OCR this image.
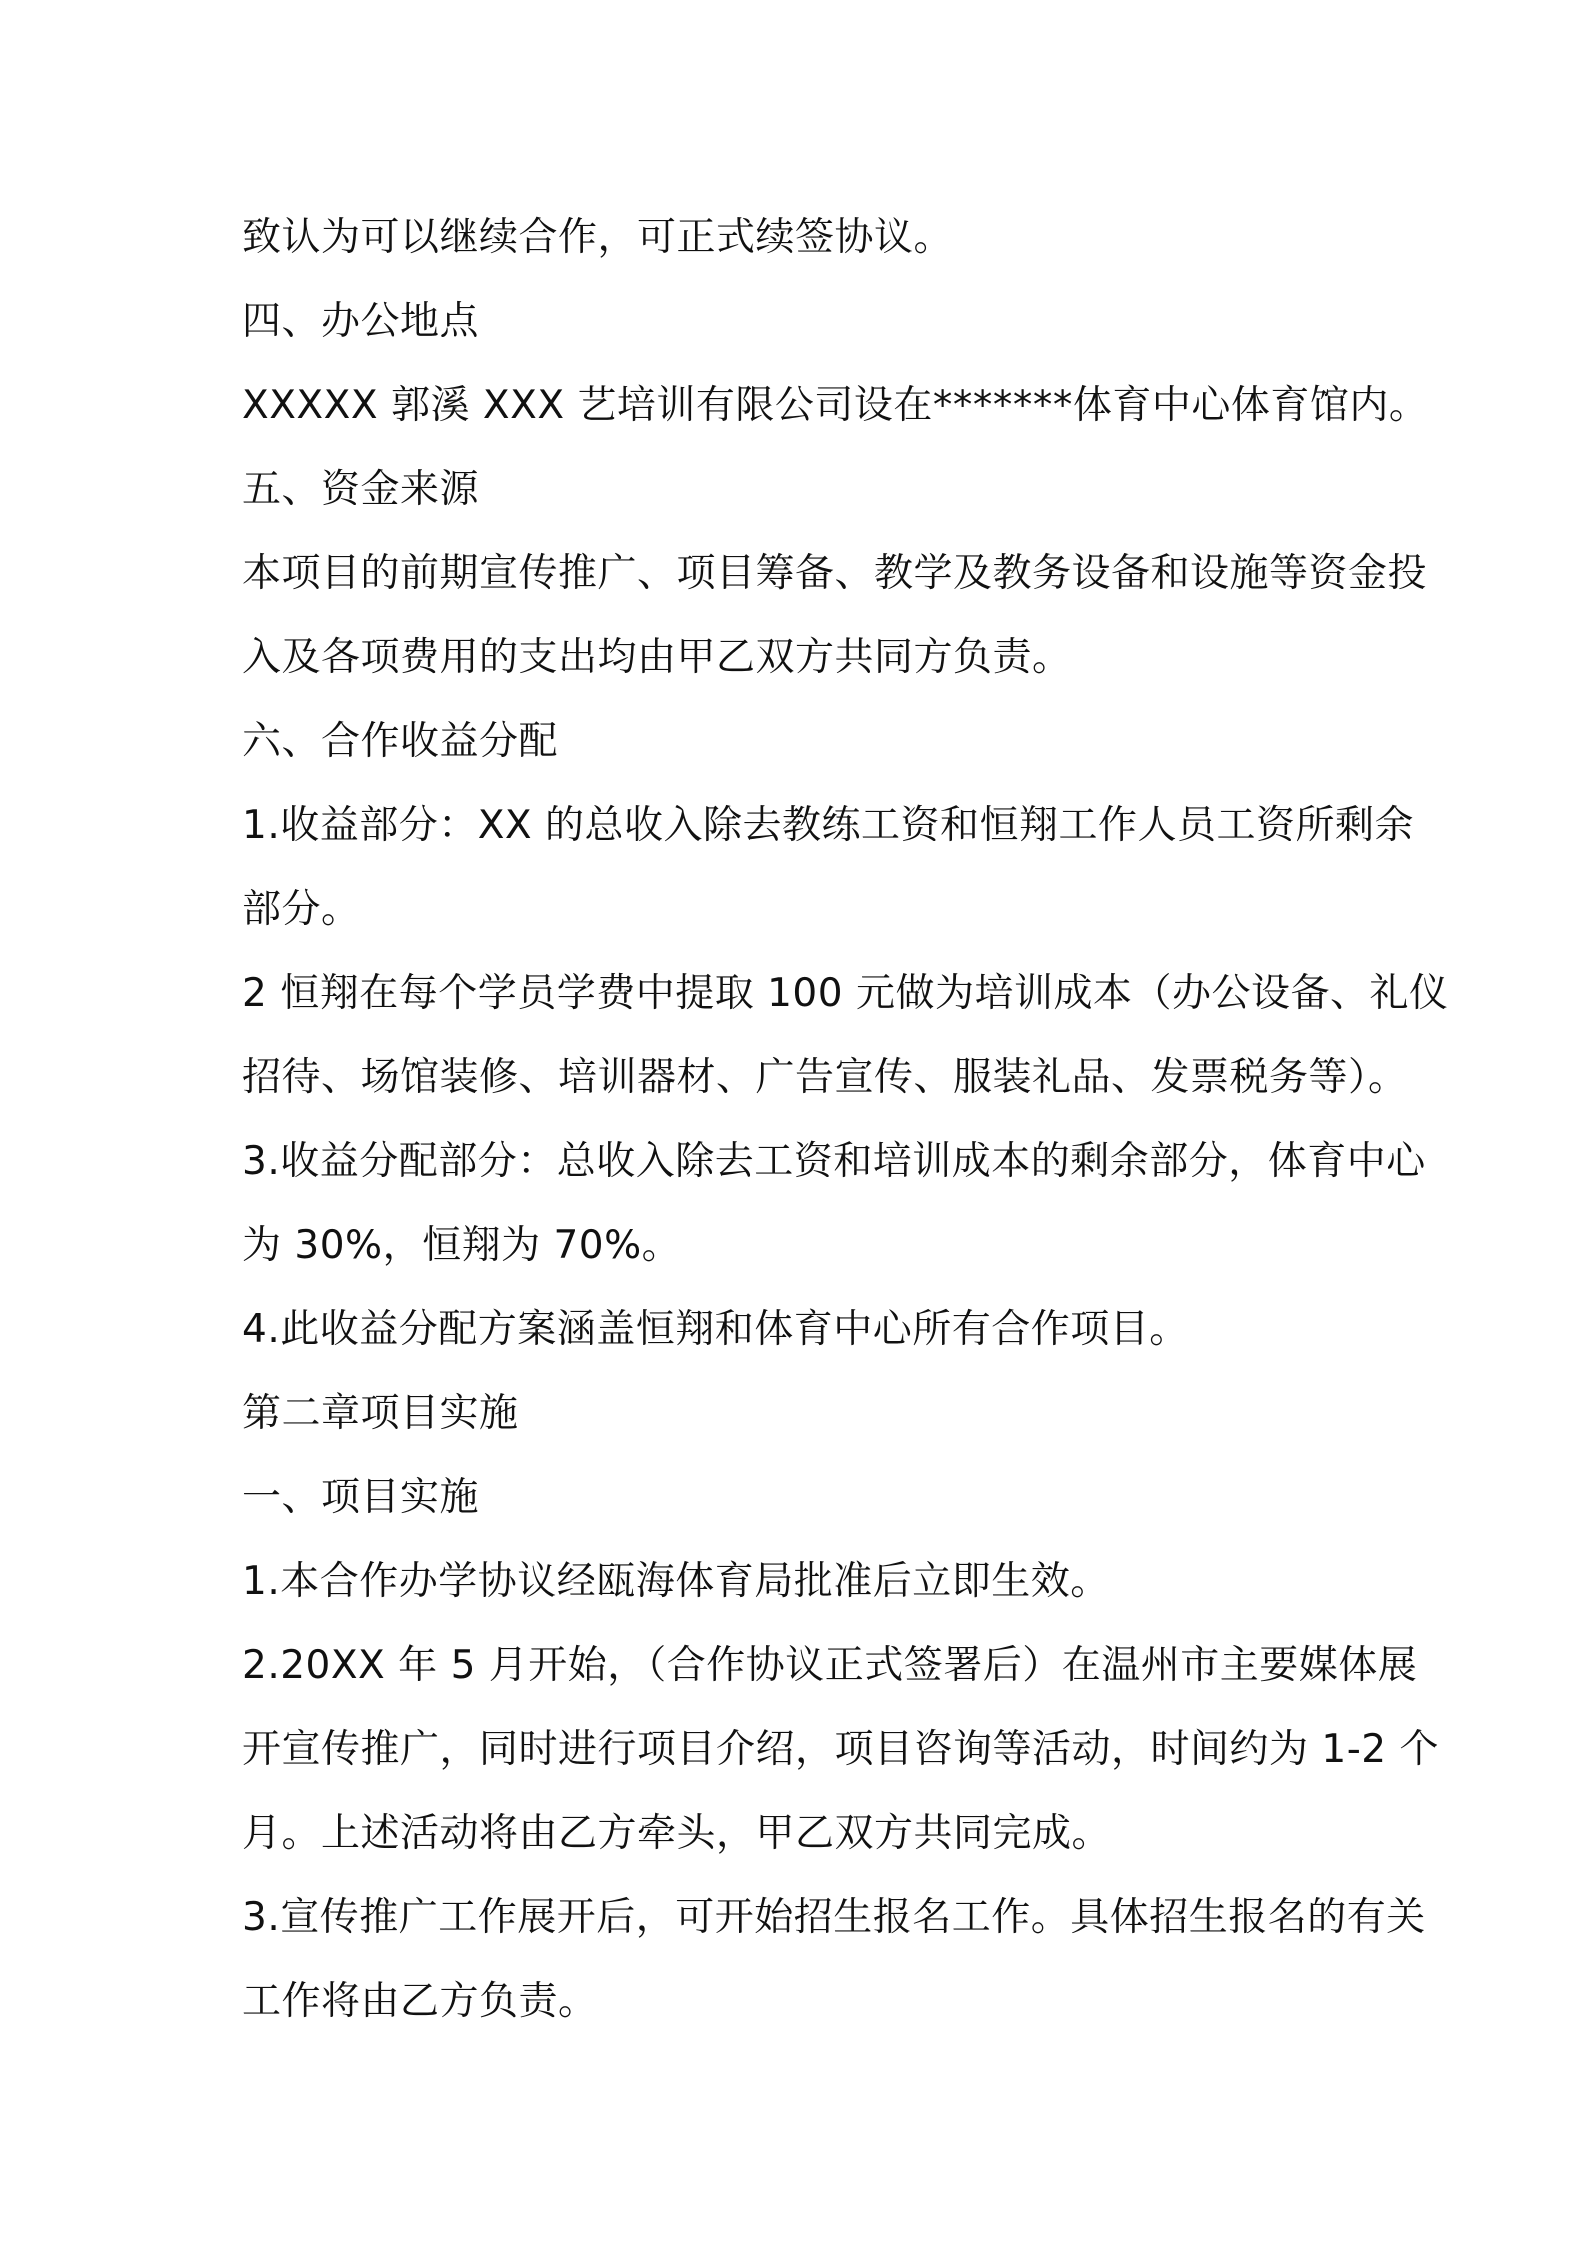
致认为可以继续合作，可正式续签协议。
四、办公地点
XXXXX 郭溪 XXX 艺培训有限公司设在*******体育中心体育馆内。
五、资金来源
本项目的前期宣传推广、项目筹备、教学及教务设备和设施等资金投
入及各项费用的支出均由甲乙双方共同方负责。
六、合作收益分配
1.收益部分：XX 的总收入除去教练工资和恒翔工作人员工资所剩余
部分。
2 恒翔在每个学员学费中提取 100 元做为培训成本（办公设备、礼仪
招待、场馆装修、培训器材、广告宣传、服装礼品、发票税务等）。
3.收益分配部分：总收入除去工资和培训成本的剩余部分，体育中心
为 30%，恒翔为 70%。
4.此收益分配方案涵盖恒翔和体育中心所有合作项目。
第二章项目实施
一、项目实施
1.本合作办学协议经瓯海体育局批准后立即生效。
2.20XX 年 5 月开始，（合作协议正式签署后）在温州市主要媒体展
开宣传推广，同时进行项目介绍，项目咨询等活动，时间约为 1-2 个
月。上述活动将由乙方牵头，甲乙双方共同完成。
3.宣传推广工作展开后，可开始招生报名工作。具体招生报名的有关
工作将由乙方负责。
